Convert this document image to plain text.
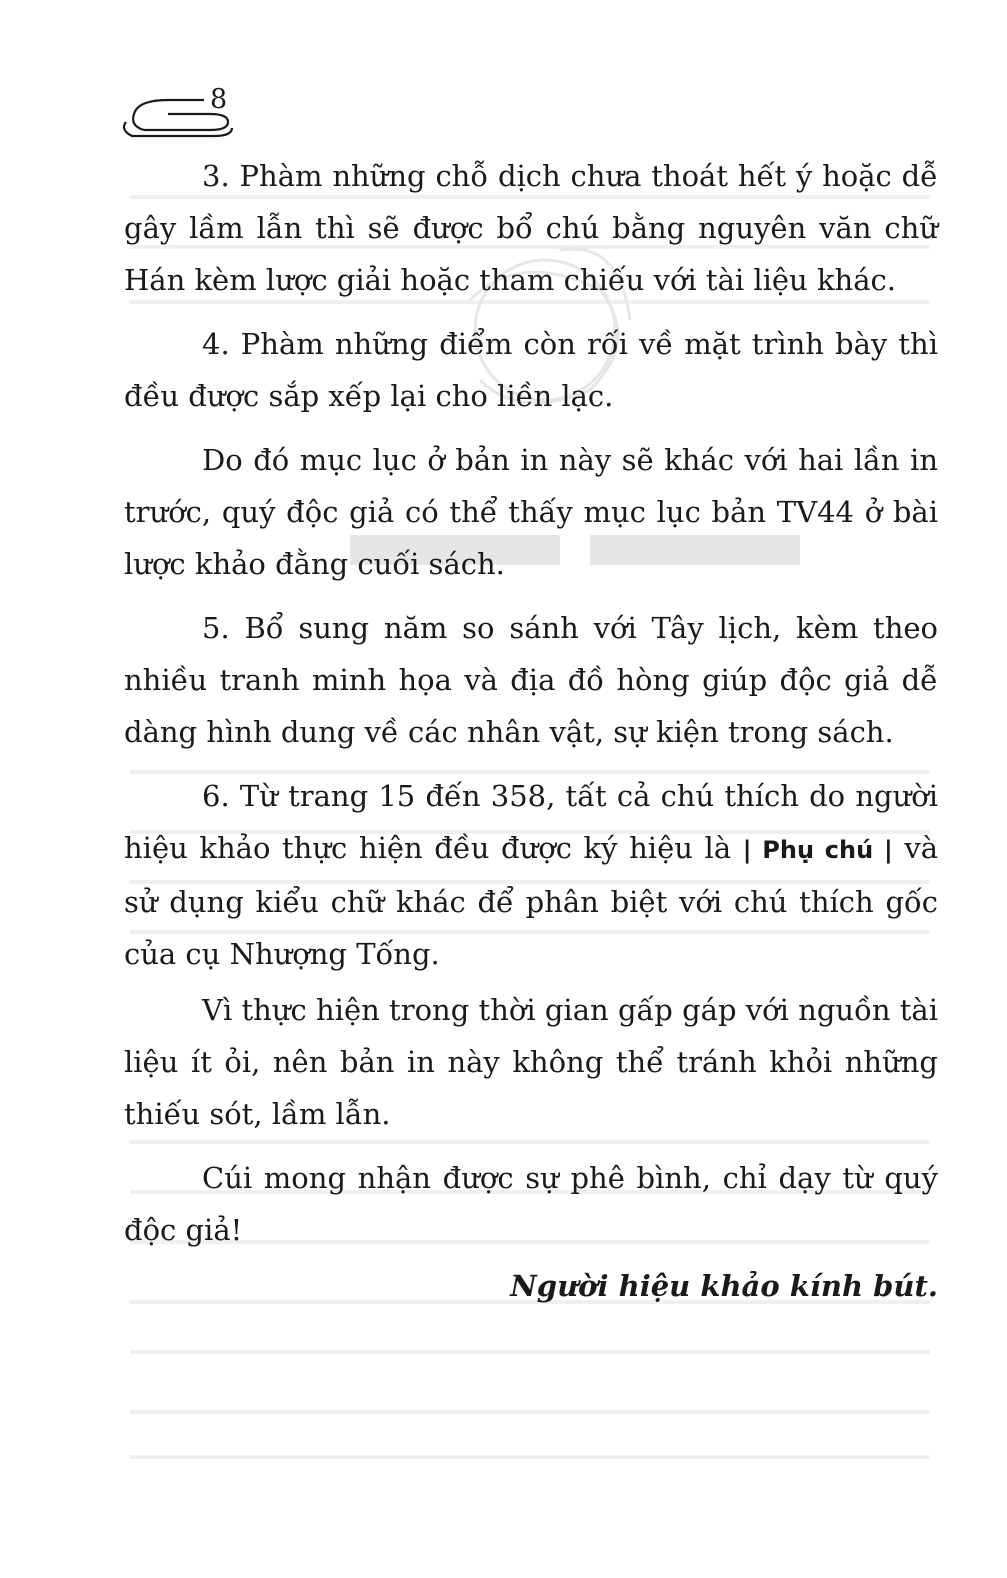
8

3. Phàm những chỗ dịch chưa thoát hết ý hoặc dễ gây lầm lẫn thì sẽ được bổ chú bằng nguyên văn chữ Hán kèm lược giải hoặc tham chiếu với tài liệu khác.

4. Phàm những điểm còn rối về mặt trình bày thì đều được sắp xếp lại cho liền lạc.

Do đó mục lục ở bản in này sẽ khác với hai lần in trước, quý độc giả có thể thấy mục lục bản TV44 ở bài lược khảo đằng cuối sách.

5. Bổ sung năm so sánh với Tây lịch, kèm theo nhiều tranh minh họa và địa đồ hòng giúp độc giả dễ dàng hình dung về các nhân vật, sự kiện trong sách.

6. Từ trang 15 đến 358, tất cả chú thích do người hiệu khảo thực hiện đều được ký hiệu là | Phụ chú | và sử dụng kiểu chữ khác để phân biệt với chú thích gốc của cụ Nhượng Tống.

Vì thực hiện trong thời gian gấp gáp với nguồn tài liệu ít ỏi, nên bản in này không thể tránh khỏi những thiếu sót, lầm lẫn.

Cúi mong nhận được sự phê bình, chỉ dạy từ quý độc giả!

Người hiệu khảo kính bút.
